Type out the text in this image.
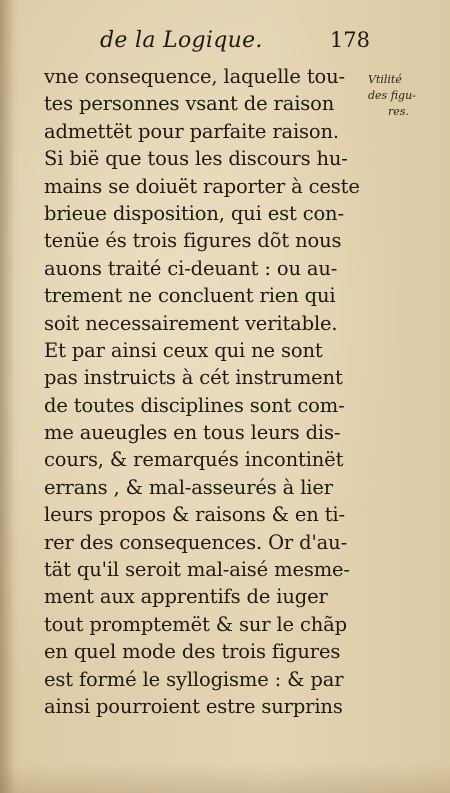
de la Logique.	178
Vtilité
des figu-
res.
vne consequence, laquelle tou-
tes personnes vsant de raison
admettët pour parfaite raison.
Si bië que tous les discours hu-
mains se doiuët raporter à ceste
brieue disposition, qui est con-
tenüe és trois figures dõt nous
auons traité ci-deuant : ou au-
trement ne concluent rien qui
soit necessairement veritable.
Et par ainsi ceux qui ne sont
pas instruicts à cét instrument
de toutes disciplines sont com-
me aueugles en tous leurs dis-
cours, & remarqués incontinët
errans , & mal-asseurés à lier
leurs propos & raisons & en ti-
rer des consequences. Or d'au-
tät qu'il seroit mal-aisé mesme-
ment aux apprentifs de iuger
tout promptemët & sur le chãp
en quel mode des trois figures
est formé le syllogisme : & par
ainsi pourroient estre surprins
